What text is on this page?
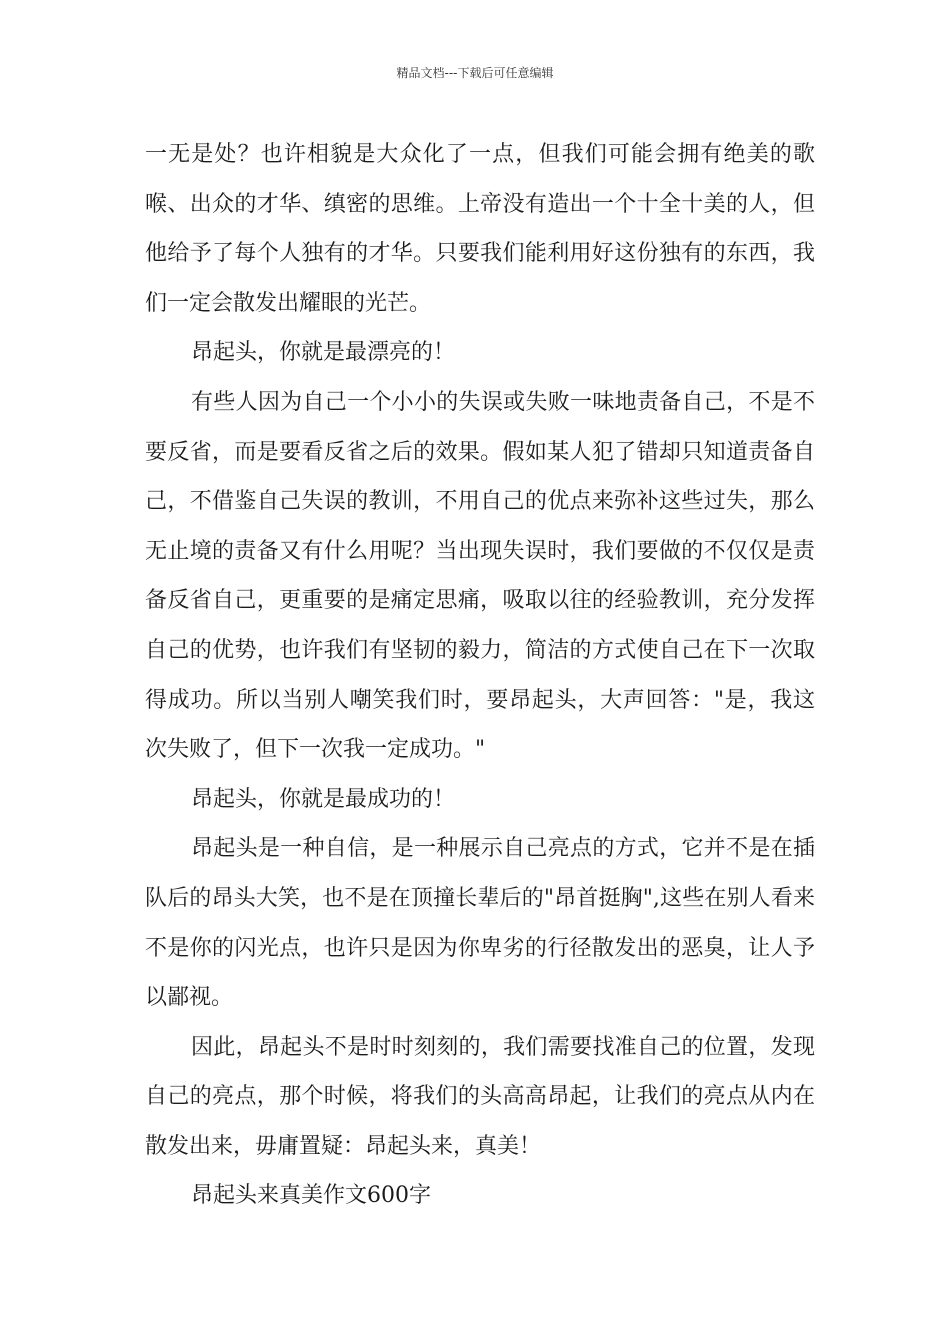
精品文档---下载后可任意编辑

一无是处？也许相貌是大众化了一点，但我们可能会拥有绝美的歌喉、出众的才华、缜密的思维。上帝没有造出一个十全十美的人，但他给予了每个人独有的才华。只要我们能利用好这份独有的东西，我们一定会散发出耀眼的光芒。

昂起头，你就是最漂亮的！

有些人因为自己一个小小的失误或失败一味地责备自己，不是不要反省，而是要看反省之后的效果。假如某人犯了错却只知道责备自己，不借鉴自己失误的教训，不用自己的优点来弥补这些过失，那么无止境的责备又有什么用呢？当出现失误时，我们要做的不仅仅是责备反省自己，更重要的是痛定思痛，吸取以往的经验教训，充分发挥自己的优势，也许我们有坚韧的毅力，简洁的方式使自己在下一次取得成功。所以当别人嘲笑我们时，要昂起头，大声回答："是，我这次失败了，但下一次我一定成功。"

昂起头，你就是最成功的！

昂起头是一种自信，是一种展示自己亮点的方式，它并不是在插队后的昂头大笑，也不是在顶撞长辈后的"昂首挺胸",这些在别人看来不是你的闪光点，也许只是因为你卑劣的行径散发出的恶臭，让人予以鄙视。

因此，昂起头不是时时刻刻的，我们需要找准自己的位置，发现自己的亮点，那个时候，将我们的头高高昂起，让我们的亮点从内在散发出来，毋庸置疑：昂起头来，真美！

昂起头来真美作文600字
